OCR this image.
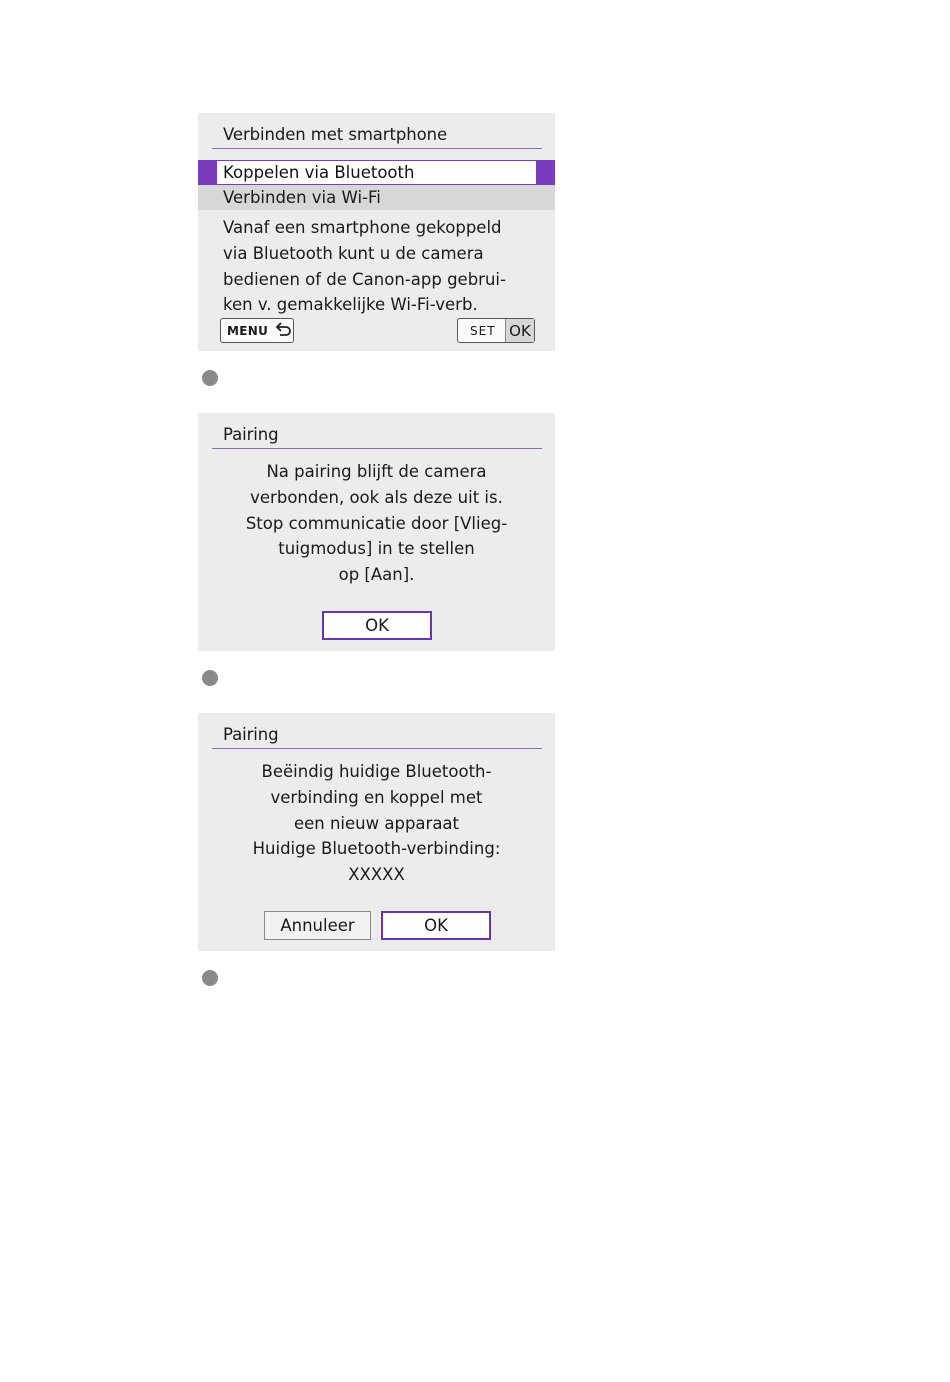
Verbinden met smartphone
Koppelen via Bluetooth
Verbinden via Wi-Fi
Vanaf een smartphone gekoppeld
via Bluetooth kunt u de camera
bedienen of de Canon-app gebrui-
ken v. gemakkelijke Wi-Fi-verb.
MENU	SET OK
Pairing
Na pairing blijft de camera
verbonden, ook als deze uit is.
Stop communicatie door [Vlieg-
tuigmodus] in te stellen
op [Aan].
OK
Pairing
Beëindig huidige Bluetooth-
verbinding en koppel met
een nieuw apparaat
Huidige Bluetooth-verbinding:
XXXXX
Annuleer	OK
